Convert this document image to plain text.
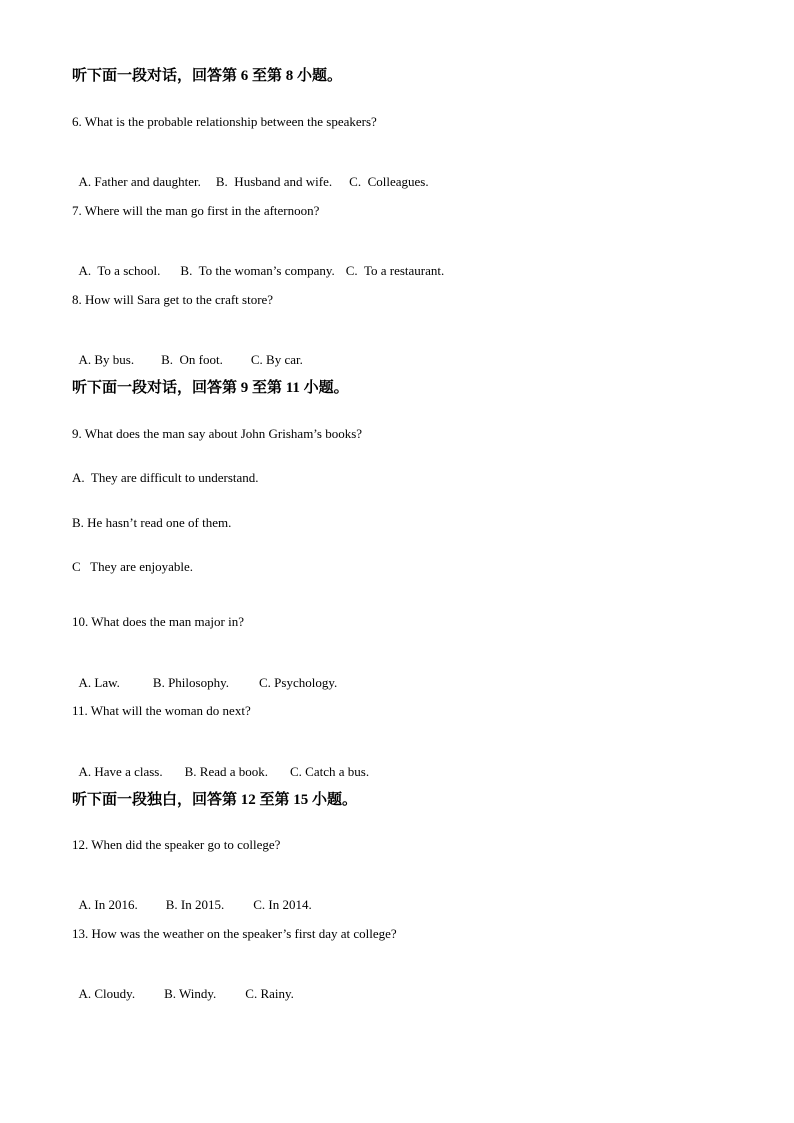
听下面一段对话，回答第 6 至第 8 小题。
6. What is the probable relationship between the speakers?

A. Father and daughter. B.  Husband and wife. C.  Colleagues.

7. Where will the man go first in the afternoon?

A.  To a school. B.  To the woman’s company. C.  To a restaurant.

8. How will Sara get to the craft store?

A. By bus. B.  On foot. C. By car.

听下面一段对话，回答第 9 至第 11 小题。
9. What does the man say about John Grisham’s books?
A.  They are difficult to understand.
B. He hasn’t read one of them.
C   They are enjoyable.
10. What does the man major in?

A. Law.	B. Philosophy. C. Psychology.

11. What will the woman do next?

A. Have a class. B. Read a book. C. Catch a bus.

听下面一段独白，回答第 12 至第 15 小题。
12. When did the speaker go to college?

A. In 2016. B. In 2015. C. In 2014.

13. How was the weather on the speaker’s first day at college?

A. Cloudy. B. Windy. C. Rainy.
